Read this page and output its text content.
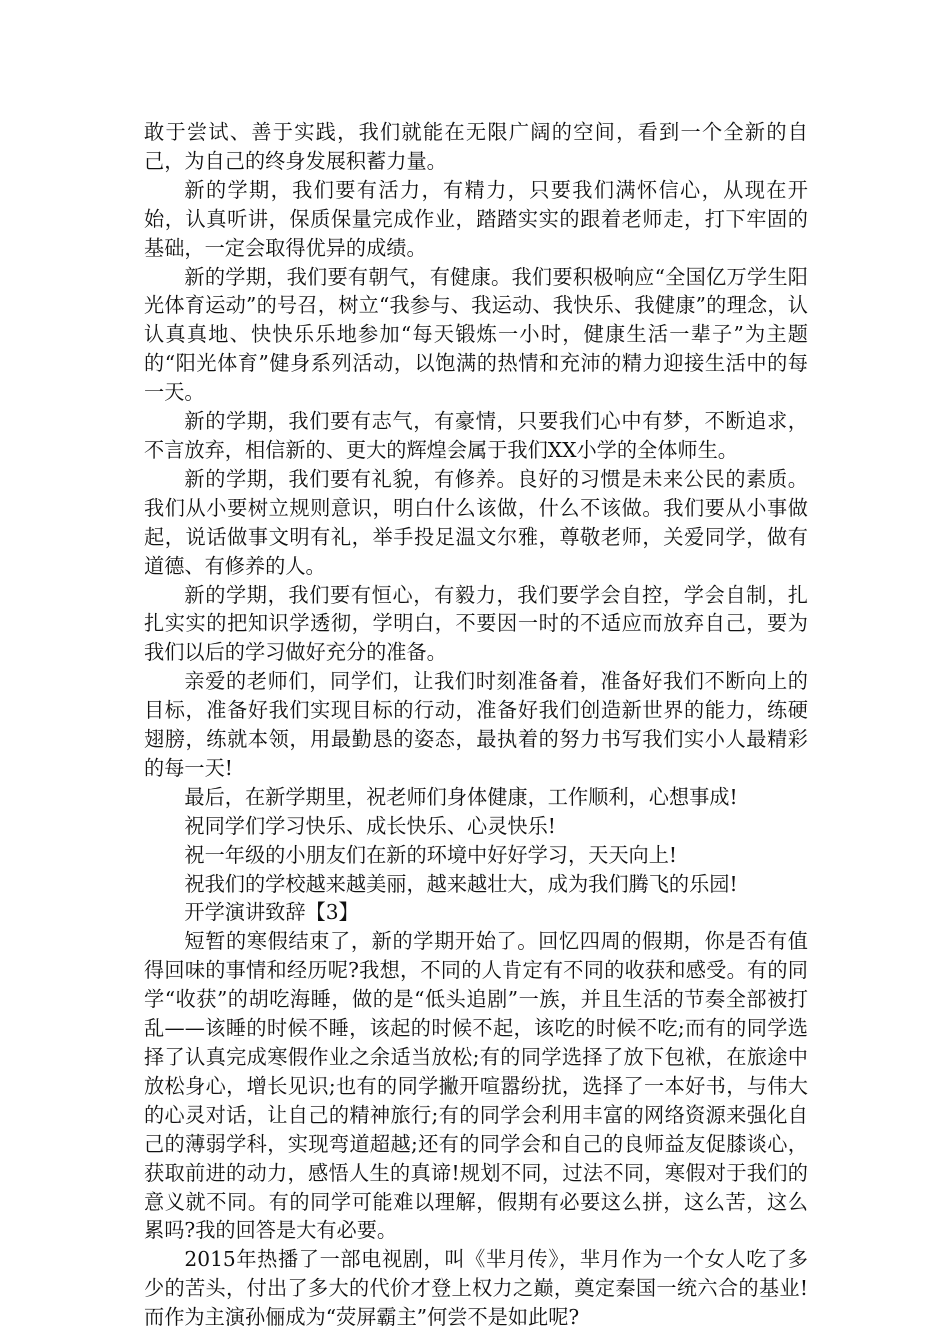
敢于尝试、善于实践，我们就能在无限广阔的空间，看到一个全新的自己，为自己的终身发展积蓄力量。

新的学期，我们要有活力，有精力，只要我们满怀信心，从现在开始，认真听讲，保质保量完成作业，踏踏实实的跟着老师走，打下牢固的基础，一定会取得优异的成绩。

新的学期，我们要有朝气，有健康。我们要积极响应“全国亿万学生阳光体育运动”的号召，树立“我参与、我运动、我快乐、我健康”的理念，认认真真地、快快乐乐地参加“每天锻炼一小时，健康生活一辈子”为主题的“阳光体育”健身系列活动，以饱满的热情和充沛的精力迎接生活中的每一天。

新的学期，我们要有志气，有豪情，只要我们心中有梦，不断追求，不言放弃，相信新的、更大的辉煌会属于我们XX小学的全体师生。

新的学期，我们要有礼貌，有修养。良好的习惯是未来公民的素质。我们从小要树立规则意识，明白什么该做，什么不该做。我们要从小事做起，说话做事文明有礼，举手投足温文尔雅，尊敬老师，关爱同学，做有道德、有修养的人。

新的学期，我们要有恒心，有毅力，我们要学会自控，学会自制，扎扎实实的把知识学透彻，学明白，不要因一时的不适应而放弃自己，要为我们以后的学习做好充分的准备。

亲爱的老师们，同学们，让我们时刻准备着，准备好我们不断向上的目标，准备好我们实现目标的行动，准备好我们创造新世界的能力，练硬翅膀，练就本领，用最勤恳的姿态，最执着的努力书写我们实小人最精彩的每一天!

最后，在新学期里，祝老师们身体健康，工作顺利，心想事成!

祝同学们学习快乐、成长快乐、心灵快乐!

祝一年级的小朋友们在新的环境中好好学习，天天向上!

祝我们的学校越来越美丽，越来越壮大，成为我们腾飞的乐园!

开学演讲致辞【3】

短暂的寒假结束了，新的学期开始了。回忆四周的假期，你是否有值得回味的事情和经历呢?我想，不同的人肯定有不同的收获和感受。有的同学“收获”的胡吃海睡，做的是“低头追剧”一族，并且生活的节奏全部被打乱——该睡的时候不睡，该起的时候不起，该吃的时候不吃;而有的同学选择了认真完成寒假作业之余适当放松;有的同学选择了放下包袱，在旅途中放松身心，增长见识;也有的同学撇开喧嚣纷扰，选择了一本好书，与伟大的心灵对话，让自己的精神旅行;有的同学会利用丰富的网络资源来强化自己的薄弱学科，实现弯道超越;还有的同学会和自己的良师益友促膝谈心，获取前进的动力，感悟人生的真谛!规划不同，过法不同，寒假对于我们的意义就不同。有的同学可能难以理解，假期有必要这么拼，这么苦，这么累吗?我的回答是大有必要。

2015年热播了一部电视剧，叫《芈月传》，芈月作为一个女人吃了多少的苦头，付出了多大的代价才登上权力之巅，奠定秦国一统六合的基业!而作为主演孙俪成为“荧屏霸主”何尝不是如此呢?
